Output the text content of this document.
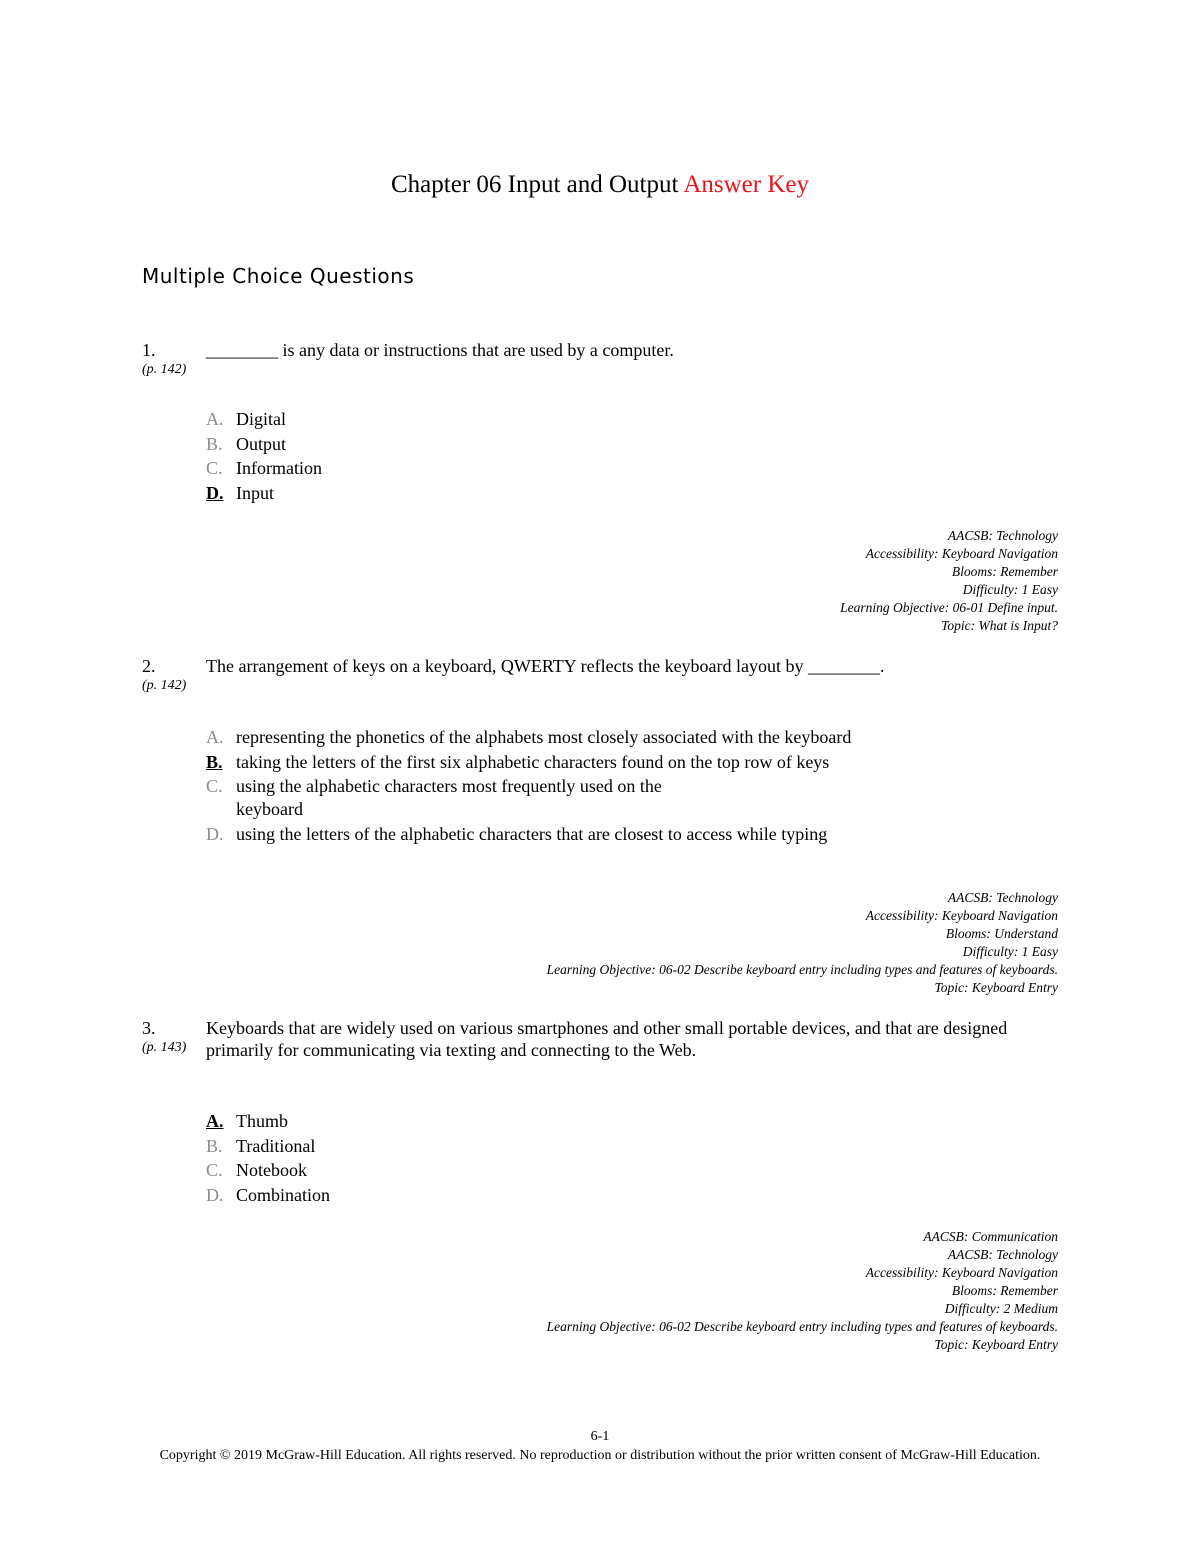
Chapter 06 Input and Output Answer Key
Multiple Choice Questions
1.
(p. 142)
________ is any data or instructions that are used by a computer.
A. Digital
B. Output
C. Information
D. Input
AACSB: Technology
Accessibility: Keyboard Navigation
Blooms: Remember
Difficulty: 1 Easy
Learning Objective: 06-01 Define input.
Topic: What is Input?
2.
(p. 142)
The arrangement of keys on a keyboard, QWERTY reflects the keyboard layout by ________.
A. representing the phonetics of the alphabets most closely associated with the keyboard
B. taking the letters of the first six alphabetic characters found on the top row of keys
C. using the alphabetic characters most frequently used on the keyboard
D. using the letters of the alphabetic characters that are closest to access while typing
AACSB: Technology
Accessibility: Keyboard Navigation
Blooms: Understand
Difficulty: 1 Easy
Learning Objective: 06-02 Describe keyboard entry including types and features of keyboards.
Topic: Keyboard Entry
3.
(p. 143)
Keyboards that are widely used on various smartphones and other small portable devices, and that are designed primarily for communicating via texting and connecting to the Web.
A. Thumb
B. Traditional
C. Notebook
D. Combination
AACSB: Communication
AACSB: Technology
Accessibility: Keyboard Navigation
Blooms: Remember
Difficulty: 2 Medium
Learning Objective: 06-02 Describe keyboard entry including types and features of keyboards.
Topic: Keyboard Entry
6-1
Copyright © 2019 McGraw-Hill Education. All rights reserved. No reproduction or distribution without the prior written consent of McGraw-Hill Education.
